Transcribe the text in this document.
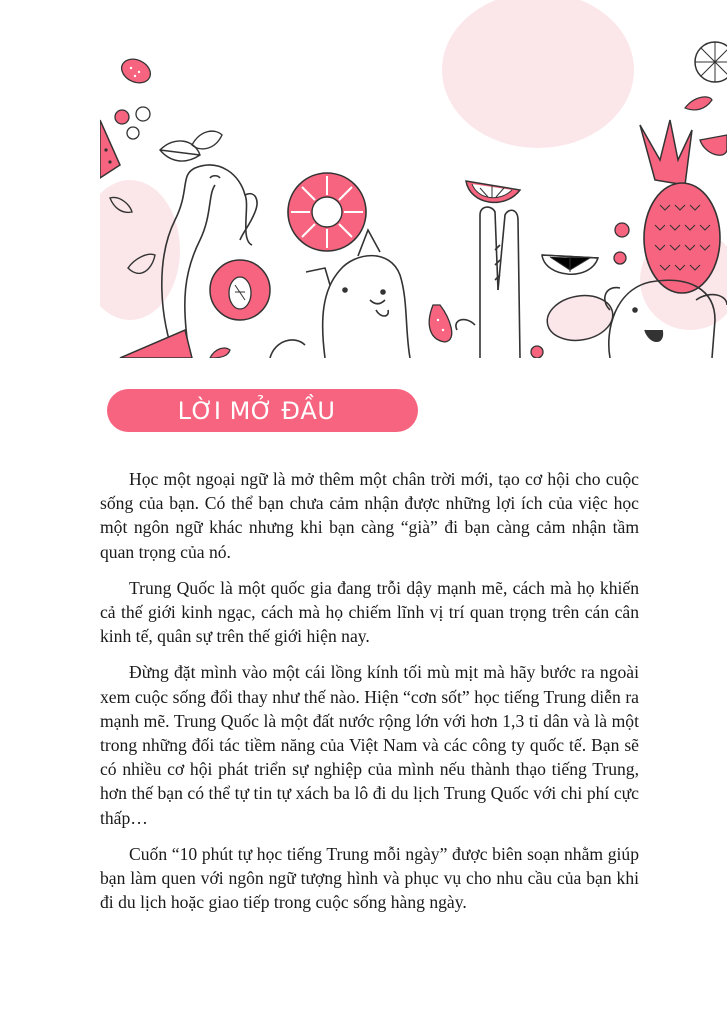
LỜI MỞ ĐẦU

Học một ngoại ngữ là mở thêm một chân trời mới, tạo cơ hội cho cuộc sống của bạn. Có thể bạn chưa cảm nhận được những lợi ích của việc học một ngôn ngữ khác nhưng khi bạn càng “già” đi bạn càng cảm nhận tầm quan trọng của nó.

Trung Quốc là một quốc gia đang trỗi dậy mạnh mẽ, cách mà họ khiến cả thế giới kinh ngạc, cách mà họ chiếm lĩnh vị trí quan trọng trên cán cân kinh tế, quân sự trên thế giới hiện nay.

Đừng đặt mình vào một cái lồng kính tối mù mịt mà hãy bước ra ngoài xem cuộc sống đổi thay như thế nào. Hiện “cơn sốt” học tiếng Trung diễn ra mạnh mẽ. Trung Quốc là một đất nước rộng lớn với hơn 1,3 tỉ dân và là một trong những đối tác tiềm năng của Việt Nam và các công ty quốc tế. Bạn sẽ có nhiều cơ hội phát triển sự nghiệp của mình nếu thành thạo tiếng Trung, hơn thế bạn có thể tự tin tự xách ba lô đi du lịch Trung Quốc với chi phí cực thấp…

Cuốn “10 phút tự học tiếng Trung mỗi ngày” được biên soạn nhằm giúp bạn làm quen với ngôn ngữ tượng hình và phục vụ cho nhu cầu của bạn khi đi du lịch hoặc giao tiếp trong cuộc sống hàng ngày.
